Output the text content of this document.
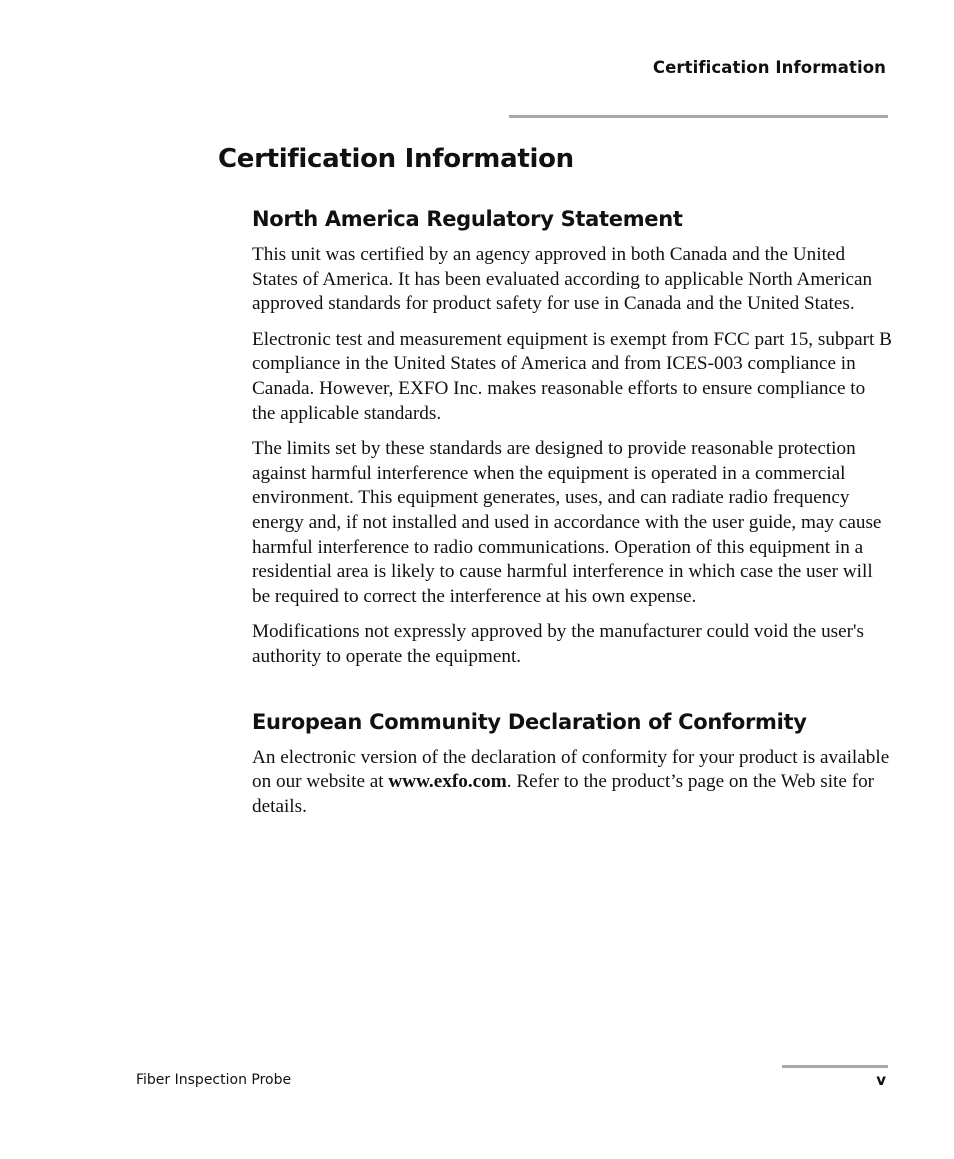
Certification Information
Certification Information
North America Regulatory Statement

This unit was certified by an agency approved in both Canada and the United States of America. It has been evaluated according to applicable North American approved standards for product safety for use in Canada and the United States.

Electronic test and measurement equipment is exempt from FCC part 15, subpart B compliance in the United States of America and from ICES-003 compliance in Canada. However, EXFO Inc. makes reasonable efforts to ensure compliance to the applicable standards.

The limits set by these standards are designed to provide reasonable protection against harmful interference when the equipment is operated in a commercial environment. This equipment generates, uses, and can radiate radio frequency energy and, if not installed and used in accordance with the user guide, may cause harmful interference to radio communications. Operation of this equipment in a residential area is likely to cause harmful interference in which case the user will be required to correct the interference at his own expense.

Modifications not expressly approved by the manufacturer could void the user's authority to operate the equipment.

European Community Declaration of Conformity

An electronic version of the declaration of conformity for your product is available on our website at www.exfo.com. Refer to the product’s page on the Web site for details.

Fiber Inspection Probe	v
